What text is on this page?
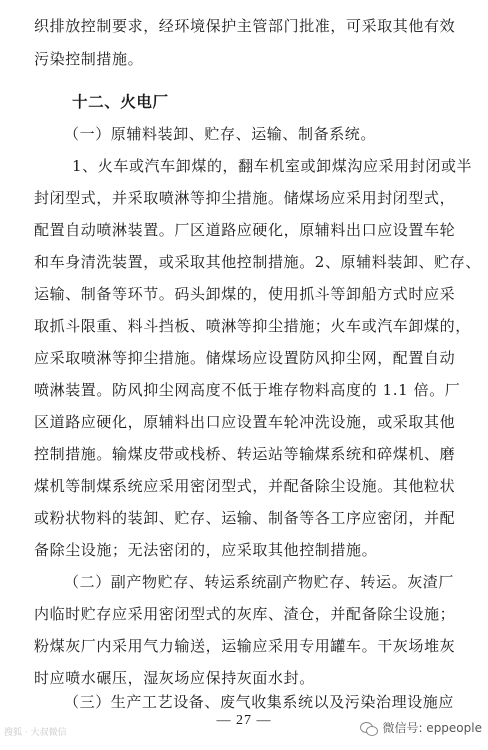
织排放控制要求，经环境保护主管部门批准，可采取其他有效
污染控制措施。
十二、火电厂
（一）原辅料装卸、贮存、运输、制备系统。
1、火车或汽车卸煤的，翻车机室或卸煤沟应采用封闭或半
封闭型式，并采取喷淋等抑尘措施。储煤场应采用封闭型式，
配置自动喷淋装置。厂区道路应硬化，原辅料出口应设置车轮
和车身清洗装置，或采取其他控制措施。2、原辅料装卸、贮存、
运输、制备等环节。码头卸煤的，使用抓斗等卸船方式时应采
取抓斗限重、料斗挡板、喷淋等抑尘措施；火车或汽车卸煤的，
应采取喷淋等抑尘措施。储煤场应设置防风抑尘网，配置自动
喷淋装置。防风抑尘网高度不低于堆存物料高度的 1.1 倍。厂
区道路应硬化，原辅料出口应设置车轮冲洗设施，或采取其他
控制措施。输煤皮带或栈桥、转运站等输煤系统和碎煤机、磨
煤机等制煤系统应采用密闭型式，并配备除尘设施。其他粒状
或粉状物料的装卸、贮存、运输、制备等各工序应密闭，并配
备除尘设施；无法密闭的，应采取其他控制措施。
（二）副产物贮存、转运系统副产物贮存、转运。灰渣厂
内临时贮存应采用密闭型式的灰库、渣仓，并配备除尘设施；
粉煤灰厂内采用气力输送，运输应采用专用罐车。干灰场堆灰
时应喷水碾压，湿灰场应保持灰面水封。
（三）生产工艺设备、废气收集系统以及污染治理设施应
— 27 —
搜狐 · 大叔微信	微信号: eppeople
